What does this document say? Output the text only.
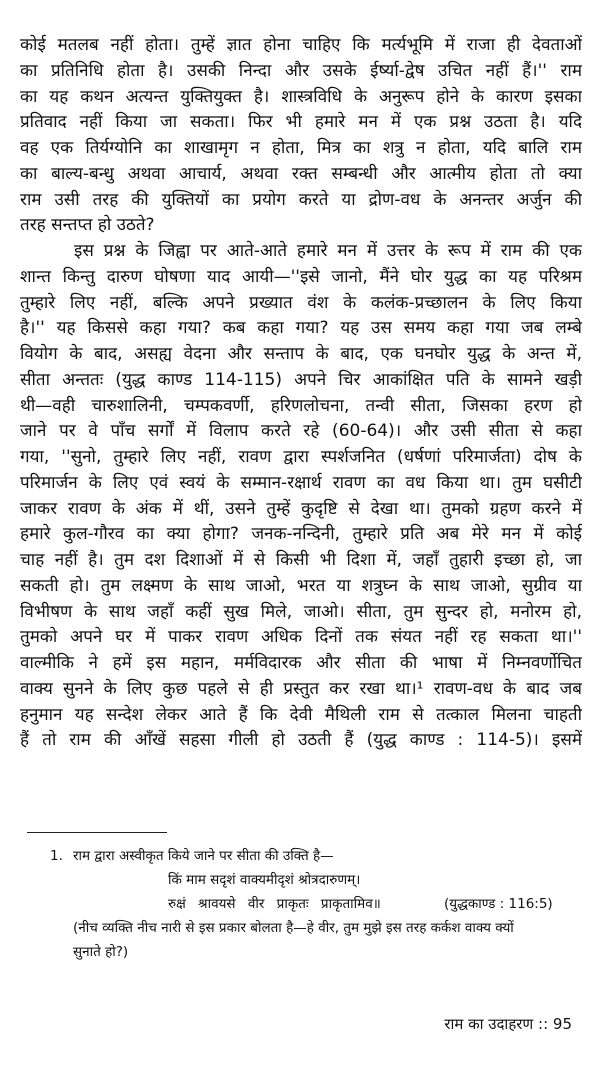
कोई मतलब नहीं होता। तुम्हें ज्ञात होना चाहिए कि मर्त्यभूमि में राजा ही देवताओं
का प्रतिनिधि होता है। उसकी निन्दा और उसके ईर्ष्या-द्वेष उचित नहीं हैं।'' राम
का यह कथन अत्यन्त युक्तियुक्त है। शास्त्रविधि के अनुरूप होने के कारण इसका
प्रतिवाद नहीं किया जा सकता। फिर भी हमारे मन में एक प्रश्न उठता है। यदि
वह एक तिर्यग्योनि का शाखामृग न होता, मित्र का शत्रु न होता, यदि बालि राम
का बाल्य-बन्धु अथवा आचार्य, अथवा रक्त सम्बन्धी और आत्मीय होता तो क्या
राम उसी तरह की युक्तियों का प्रयोग करते या द्रोण-वध के अनन्तर अर्जुन की
तरह सन्तप्त हो उठते?
इस प्रश्न के जिह्वा पर आते-आते हमारे मन में उत्तर के रूप में राम की एक
शान्त किन्तु दारुण घोषणा याद आयी—''इसे जानो, मैंने घोर युद्ध का यह परिश्रम
तुम्हारे लिए नहीं, बल्कि अपने प्रख्यात वंश के कलंक-प्रच्छालन के लिए किया
है।'' यह किससे कहा गया? कब कहा गया? यह उस समय कहा गया जब लम्बे
वियोग के बाद, असह्य वेदना और सन्ताप के बाद, एक घनघोर युद्ध के अन्त में,
सीता अन्ततः (युद्ध काण्ड 114-115) अपने चिर आकांक्षित पति के सामने खड़ी
थी—वही चारुशालिनी, चम्पकवर्णी, हरिणलोचना, तन्वी सीता, जिसका हरण हो
जाने पर वे पाँच सर्गों में विलाप करते रहे (60-64)। और उसी सीता से कहा
गया, ''सुनो, तुम्हारे लिए नहीं, रावण द्वारा स्पर्शजनित (धर्षणां परिमार्जता) दोष के
परिमार्जन के लिए एवं स्वयं के सम्मान-रक्षार्थ रावण का वध किया था। तुम घसीटी
जाकर रावण के अंक में थीं, उसने तुम्हें कुदृष्टि से देखा था। तुमको ग्रहण करने में
हमारे कुल-गौरव का क्या होगा? जनक-नन्दिनी, तुम्हारे प्रति अब मेरे मन में कोई
चाह नहीं है। तुम दश दिशाओं में से किसी भी दिशा में, जहाँ तुहारी इच्छा हो, जा
सकती हो। तुम लक्ष्मण के साथ जाओ, भरत या शत्रुघ्न के साथ जाओ, सुग्रीव या
विभीषण के साथ जहाँ कहीं सुख मिले, जाओ। सीता, तुम सुन्दर हो, मनोरम हो,
तुमको अपने घर में पाकर रावण अधिक दिनों तक संयत नहीं रह सकता था।''
वाल्मीकि ने हमें इस महान, मर्मविदारक और सीता की भाषा में निम्नवर्णोचित
वाक्य सुनने के लिए कुछ पहले से ही प्रस्तुत कर रखा था।¹ रावण-वध के बाद जब
हनुमान यह सन्देश लेकर आते हैं कि देवी मैथिली राम से तत्काल मिलना चाहती
हैं तो राम की आँखें सहसा गीली हो उठती हैं (युद्ध काण्ड : 114-5)। इसमें
1. राम द्वारा अस्वीकृत किये जाने पर सीता की उक्ति है—
किं माम सदृशं वाक्यमीदृशं श्रोत्रदारुणम्।
रुक्षं श्रावयसे वीर प्राकृतः प्राकृतामिव॥	(युद्धकाण्ड : 116:5)
(नीच व्यक्ति नीच नारी से इस प्रकार बोलता है—हे वीर, तुम मुझे इस तरह कर्कश वाक्य क्यों
सुनाते हो?)
राम का उदाहरण :: 95
